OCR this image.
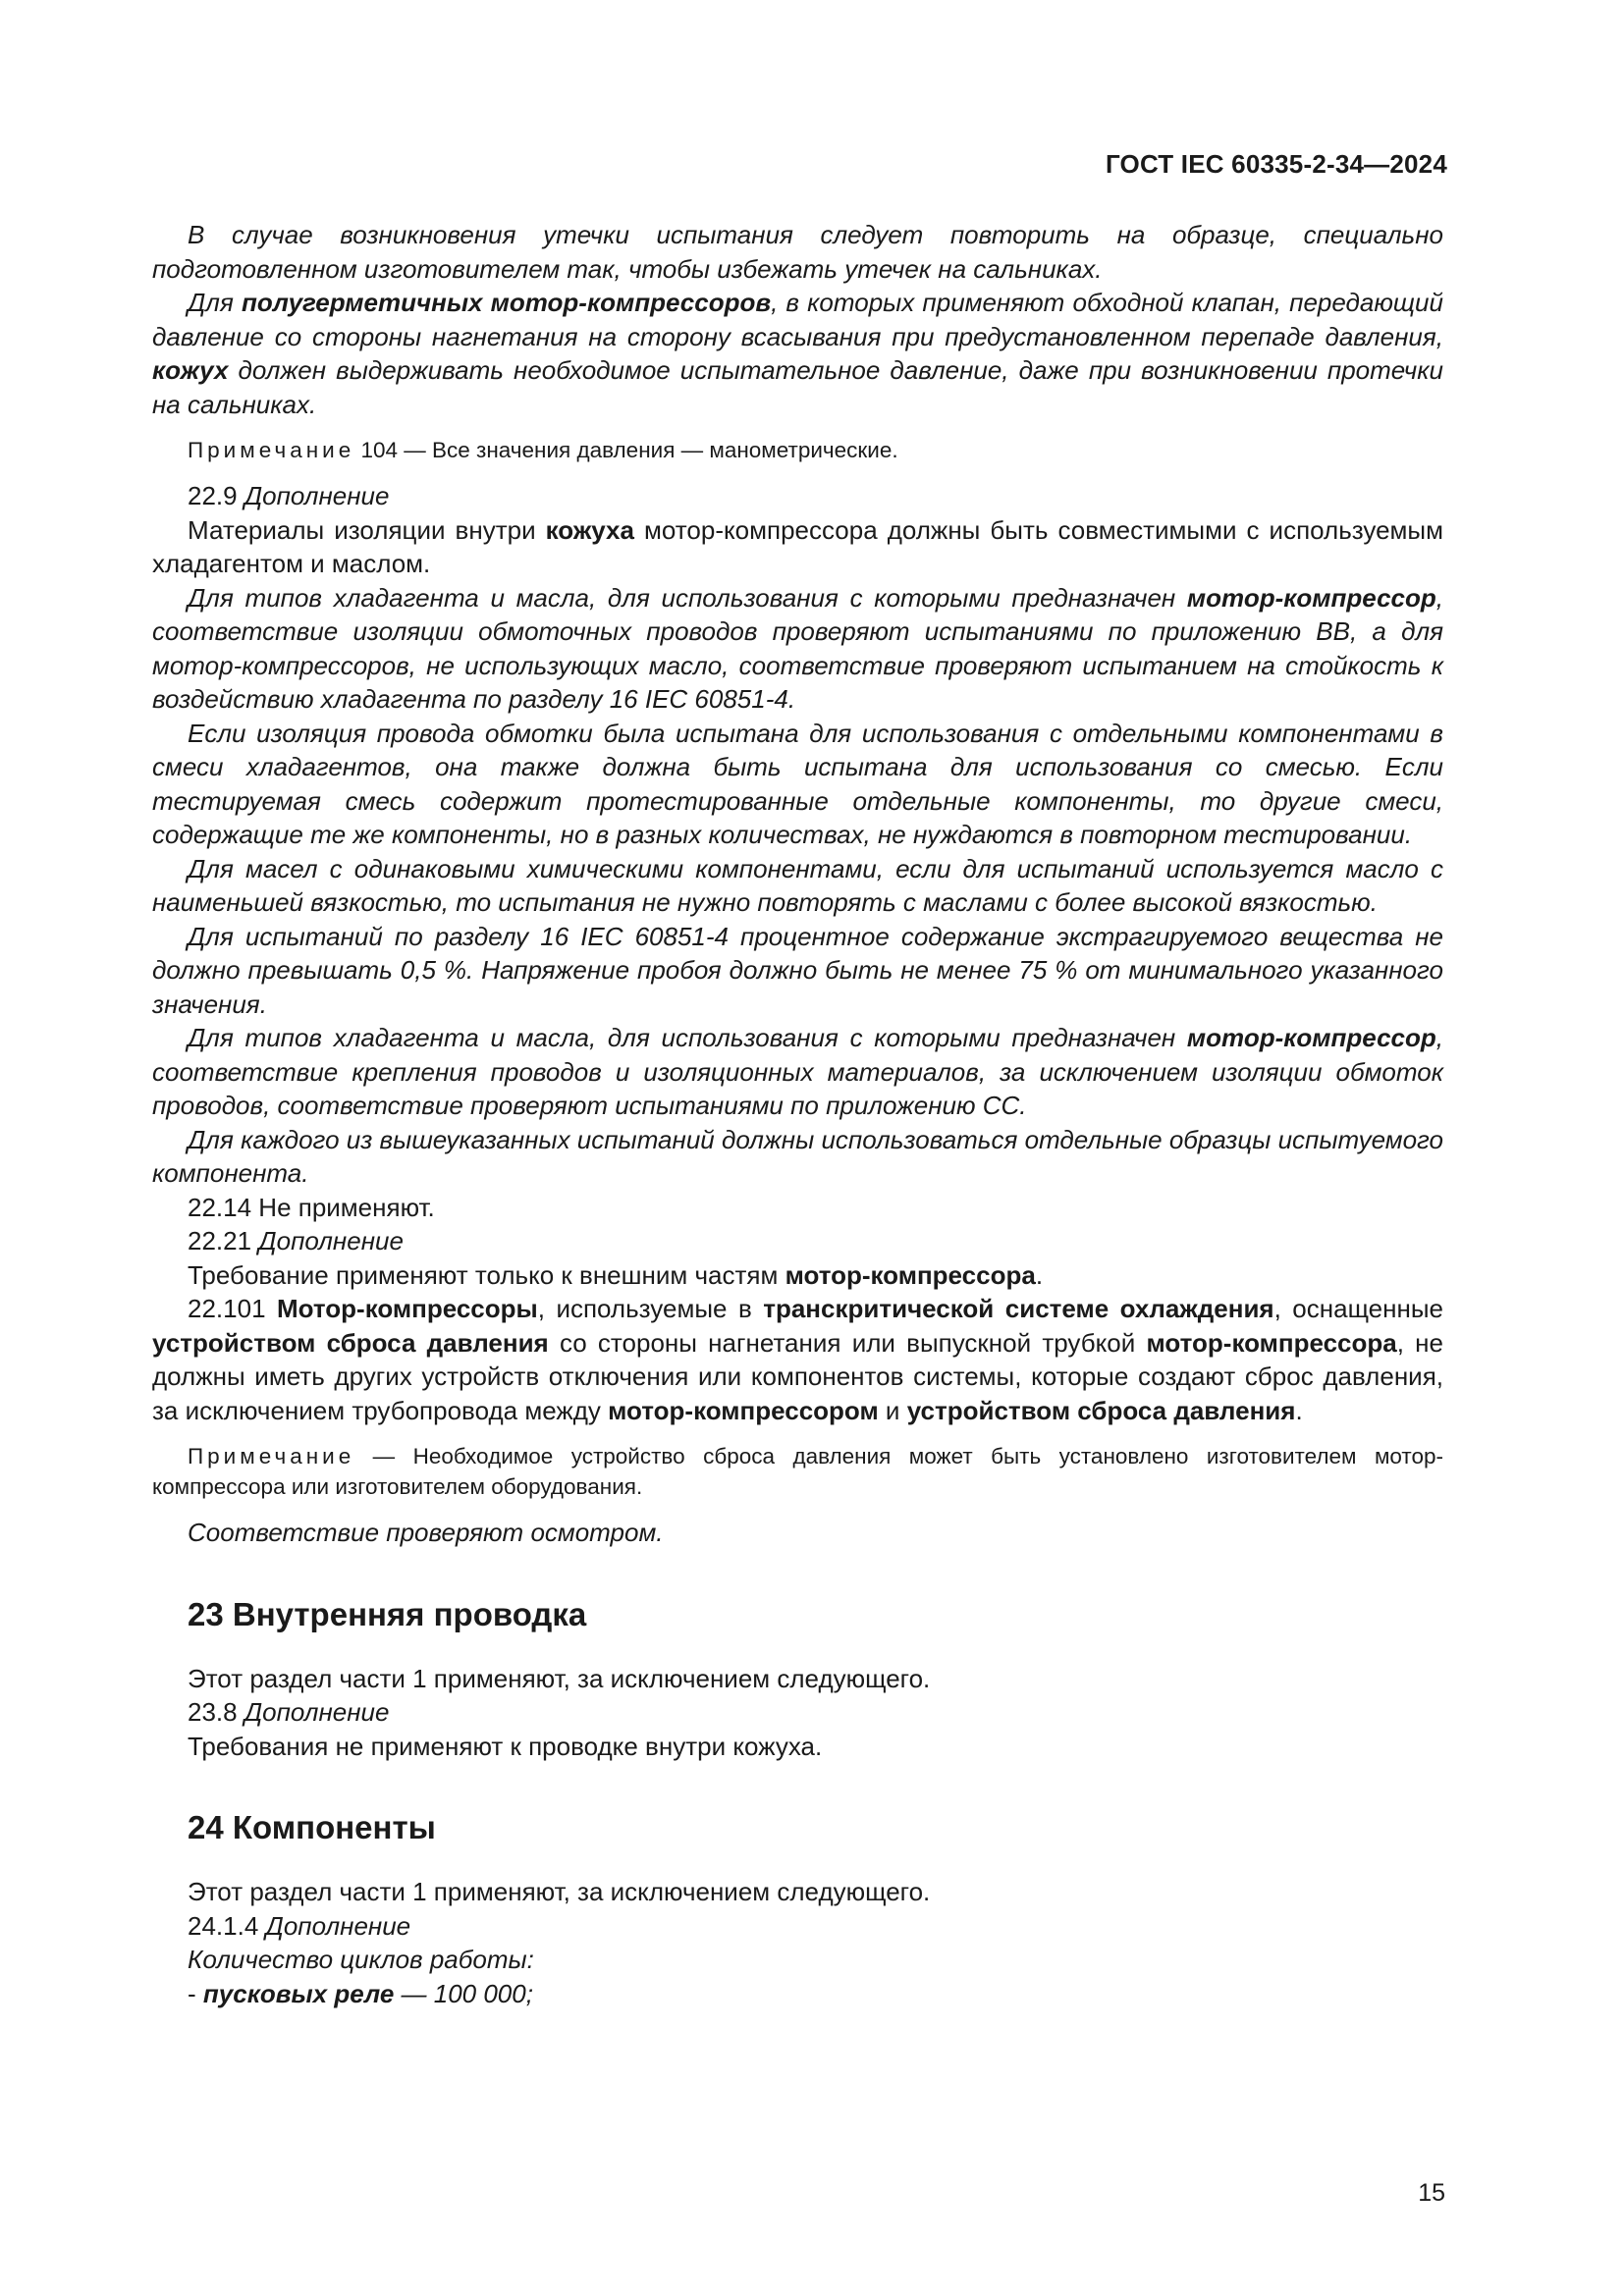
ГОСТ IEC 60335-2-34—2024

В случае возникновения утечки испытания следует повторить на образце, специально подготовленном изготовителем так, чтобы избежать утечек на сальниках.

Для полугерметичных мотор-компрессоров, в которых применяют обходной клапан, передающий давление со стороны нагнетания на сторону всасывания при предустановленном перепаде давления, кожух должен выдерживать необходимое испытательное давление, даже при возникновении протечки на сальниках.

Примечание 104 — Все значения давления — манометрические.

22.9 Дополнение

Материалы изоляции внутри кожуха мотор-компрессора должны быть совместимыми с используемым хладагентом и маслом.

Для типов хладагента и масла, для использования с которыми предназначен мотор-компрессор, соответствие изоляции обмоточных проводов проверяют испытаниями по приложению ВВ, а для мотор-компрессоров, не использующих масло, соответствие проверяют испытанием на стойкость к воздействию хладагента по разделу 16 IEC 60851-4.

Если изоляция провода обмотки была испытана для использования с отдельными компонентами в смеси хладагентов, она также должна быть испытана для использования со смесью. Если тестируемая смесь содержит протестированные отдельные компоненты, то другие смеси, содержащие те же компоненты, но в разных количествах, не нуждаются в повторном тестировании.

Для масел с одинаковыми химическими компонентами, если для испытаний используется масло с наименьшей вязкостью, то испытания не нужно повторять с маслами с более высокой вязкостью.

Для испытаний по разделу 16 IEC 60851-4 процентное содержание экстрагируемого вещества не должно превышать 0,5 %. Напряжение пробоя должно быть не менее 75 % от минимального указанного значения.

Для типов хладагента и масла, для использования с которыми предназначен мотор-компрессор, соответствие крепления проводов и изоляционных материалов, за исключением изоляции обмоток проводов, соответствие проверяют испытаниями по приложению СС.

Для каждого из вышеуказанных испытаний должны использоваться отдельные образцы испытуемого компонента.

22.14 Не применяют.

22.21 Дополнение

Требование применяют только к внешним частям мотор-компрессора.

22.101 Мотор-компрессоры, используемые в транскритической системе охлаждения, оснащенные устройством сброса давления со стороны нагнетания или выпускной трубкой мотор-компрессора, не должны иметь других устройств отключения или компонентов системы, которые создают сброс давления, за исключением трубопровода между мотор-компрессором и устройством сброса давления.

Примечание — Необходимое устройство сброса давления может быть установлено изготовителем мотор-компрессора или изготовителем оборудования.

Соответствие проверяют осмотром.

23 Внутренняя проводка

Этот раздел части 1 применяют, за исключением следующего.

23.8 Дополнение

Требования не применяют к проводке внутри кожуха.

24 Компоненты

Этот раздел части 1 применяют, за исключением следующего.

24.1.4 Дополнение

Количество циклов работы:

- пусковых реле — 100 000;

15
